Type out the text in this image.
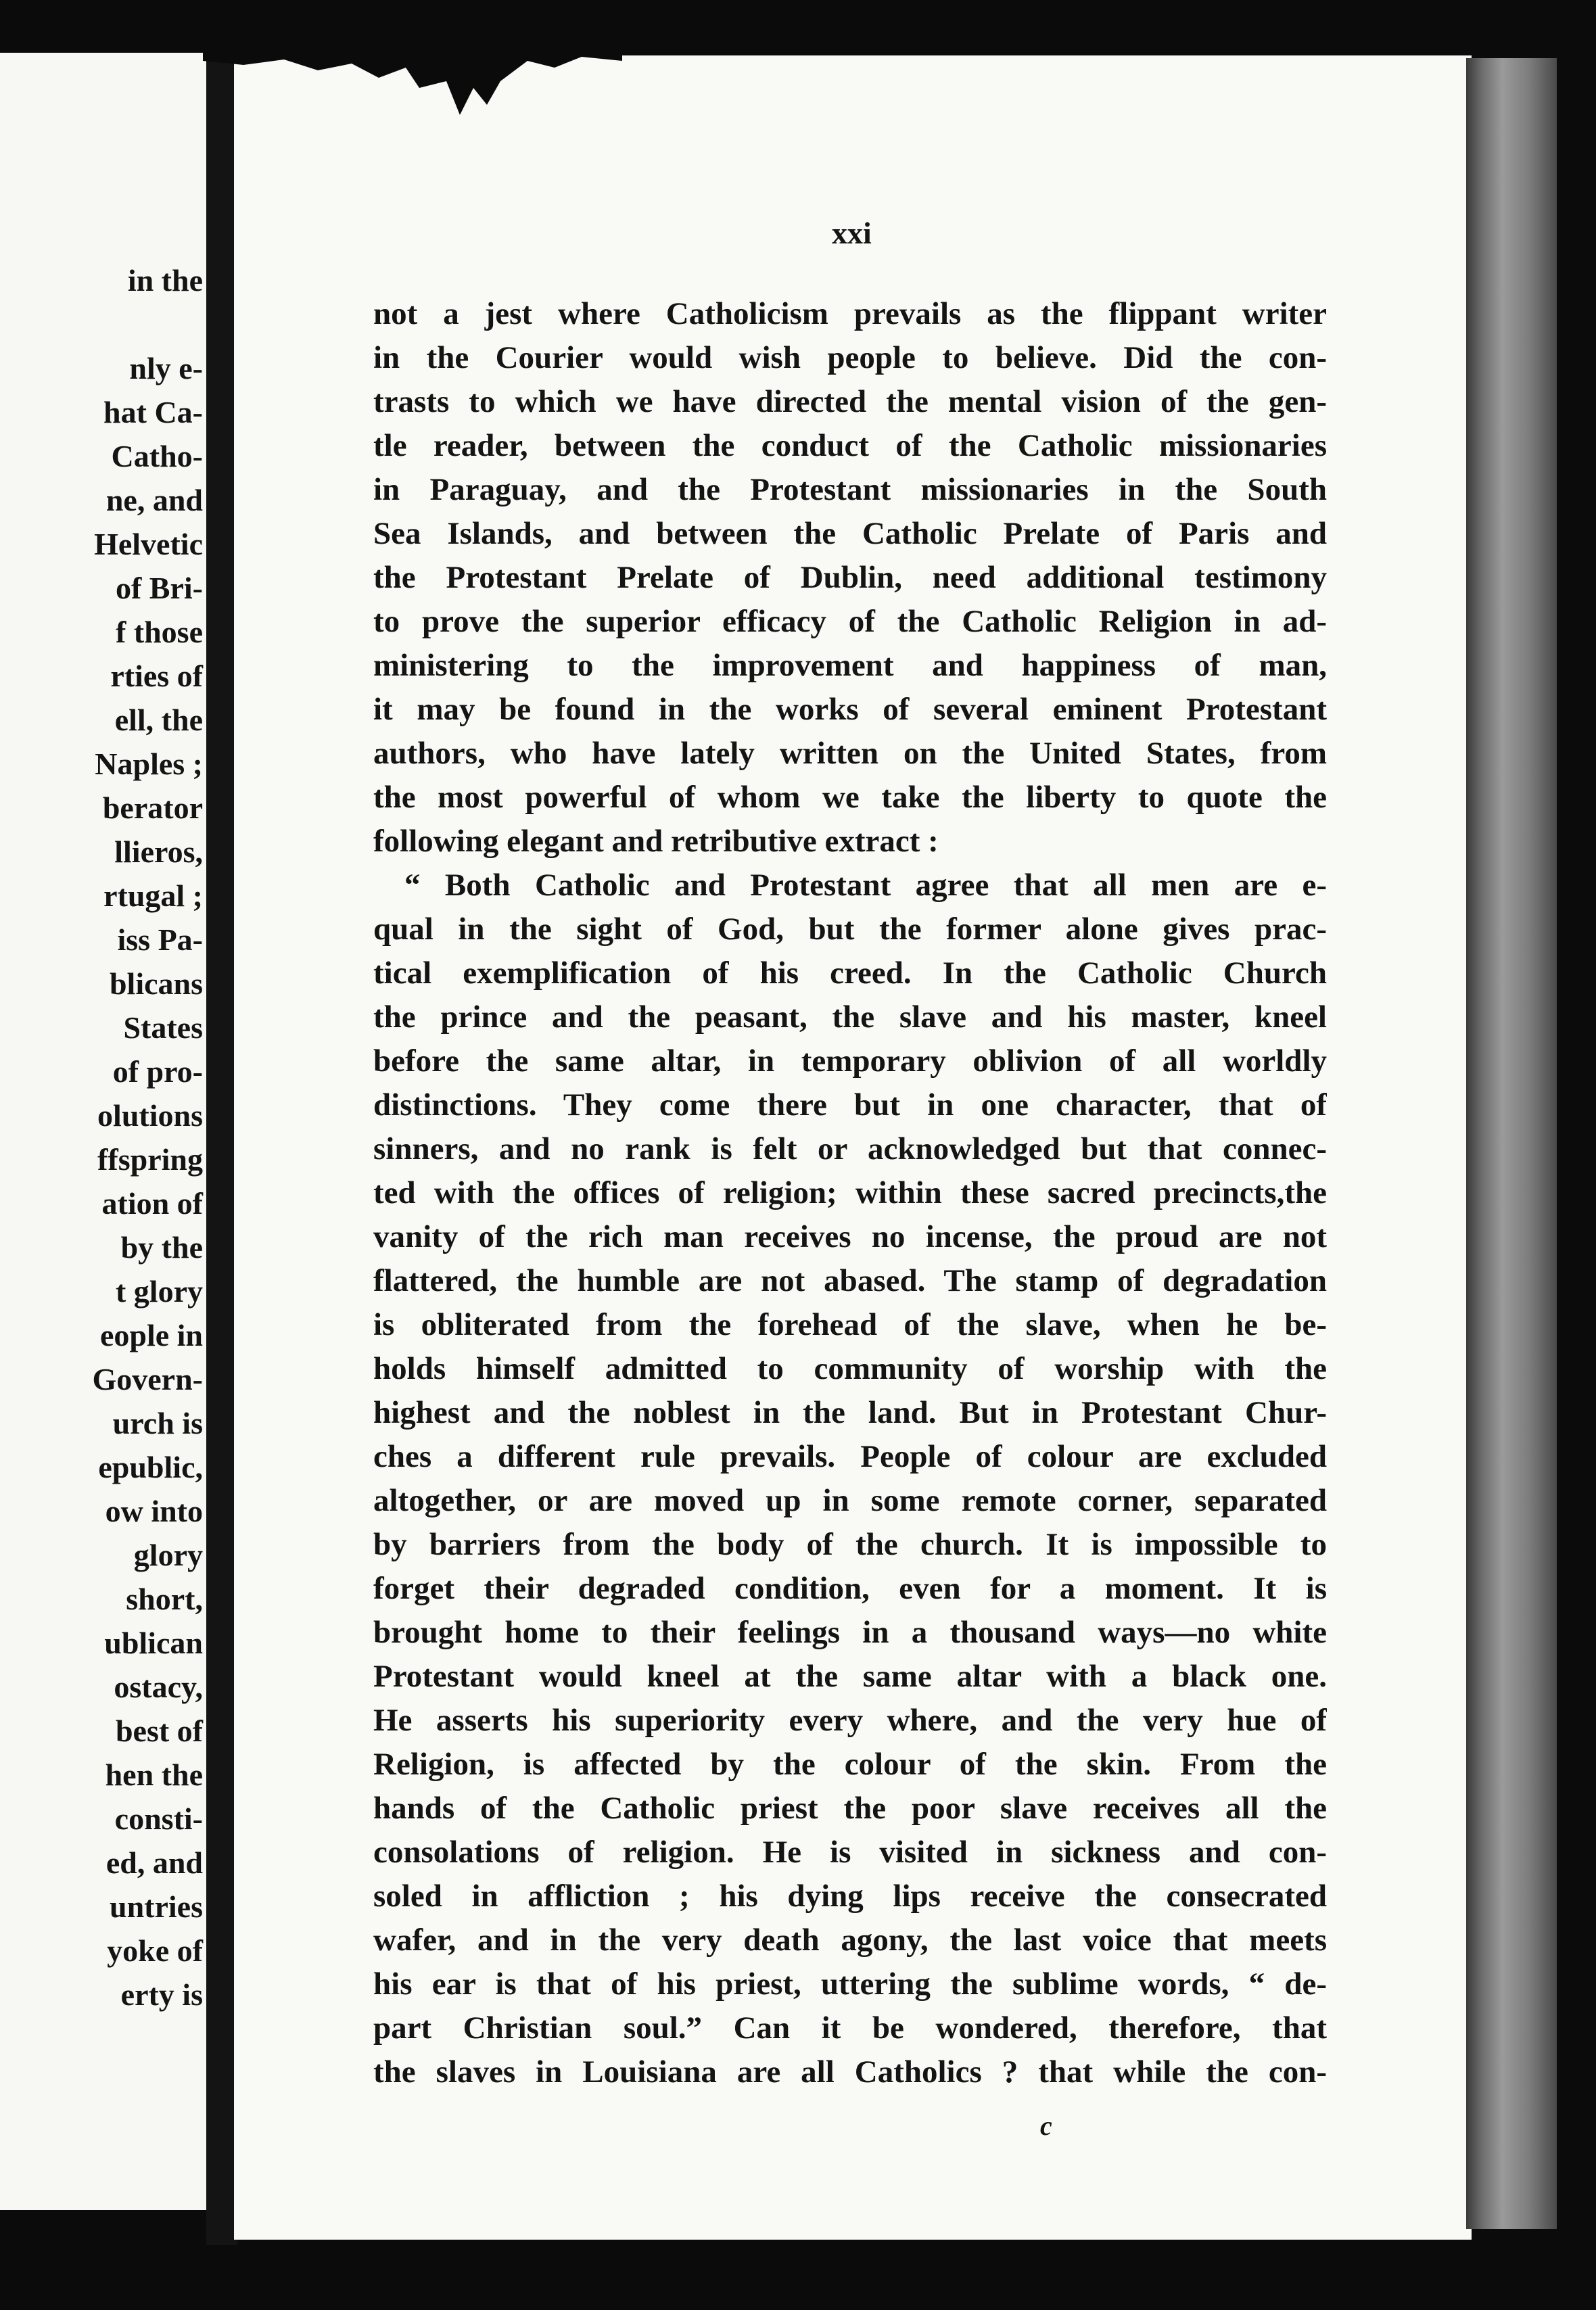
in the
nly e-
hat Ca-
Catho-
ne, and
Helvetic
of Bri-
f those
rties of
ell, the
Naples ;
berator
llieros,
rtugal ;
iss Pa-
blicans
States
of pro-
olutions
ffspring
ation of
by the
t glory
eople in
Govern-
urch is
epublic,
ow into
glory
short,
ublican
ostacy,
best of
hen the
consti-
ed, and
untries
yoke of
erty is
xxi
not a jest where Catholicism prevails as the flippant writer
in the Courier would wish people to believe. Did the con-
trasts to which we have directed the mental vision of the gen-
tle reader, between the conduct of the Catholic missionaries
in Paraguay, and the Protestant missionaries in the South
Sea Islands, and between the Catholic Prelate of Paris and
the Protestant Prelate of Dublin, need additional testimony
to prove the superior efficacy of the Catholic Religion in ad-
ministering to the improvement and happiness of man,
it may be found in the works of several eminent Protestant
authors, who have lately written on the United States, from
the most powerful of whom we take the liberty to quote the
following elegant and retributive extract :
“ Both Catholic and Protestant agree that all men are e-
qual in the sight of God, but the former alone gives prac-
tical exemplification of his creed. In the Catholic Church
the prince and the peasant, the slave and his master, kneel
before the same altar, in temporary oblivion of all worldly
distinctions. They come there but in one character, that of
sinners, and no rank is felt or acknowledged but that connec-
ted with the offices of religion; within these sacred precincts,the
vanity of the rich man receives no incense, the proud are not
flattered, the humble are not abased. The stamp of degradation
is obliterated from the forehead of the slave, when he be-
holds himself admitted to community of worship with the
highest and the noblest in the land. But in Protestant Chur-
ches a different rule prevails. People of colour are excluded
altogether, or are moved up in some remote corner, separated
by barriers from the body of the church. It is impossible to
forget their degraded condition, even for a moment. It is
brought home to their feelings in a thousand ways—no white
Protestant would kneel at the same altar with a black one.
He asserts his superiority every where, and the very hue of
Religion, is affected by the colour of the skin. From the
hands of the Catholic priest the poor slave receives all the
consolations of religion. He is visited in sickness and con-
soled in affliction ; his dying lips receive the consecrated
wafer, and in the very death agony, the last voice that meets
his ear is that of his priest, uttering the sublime words, “ de-
part Christian soul.” Can it be wondered, therefore, that
the slaves in Louisiana are all Catholics ? that while the con-
c
